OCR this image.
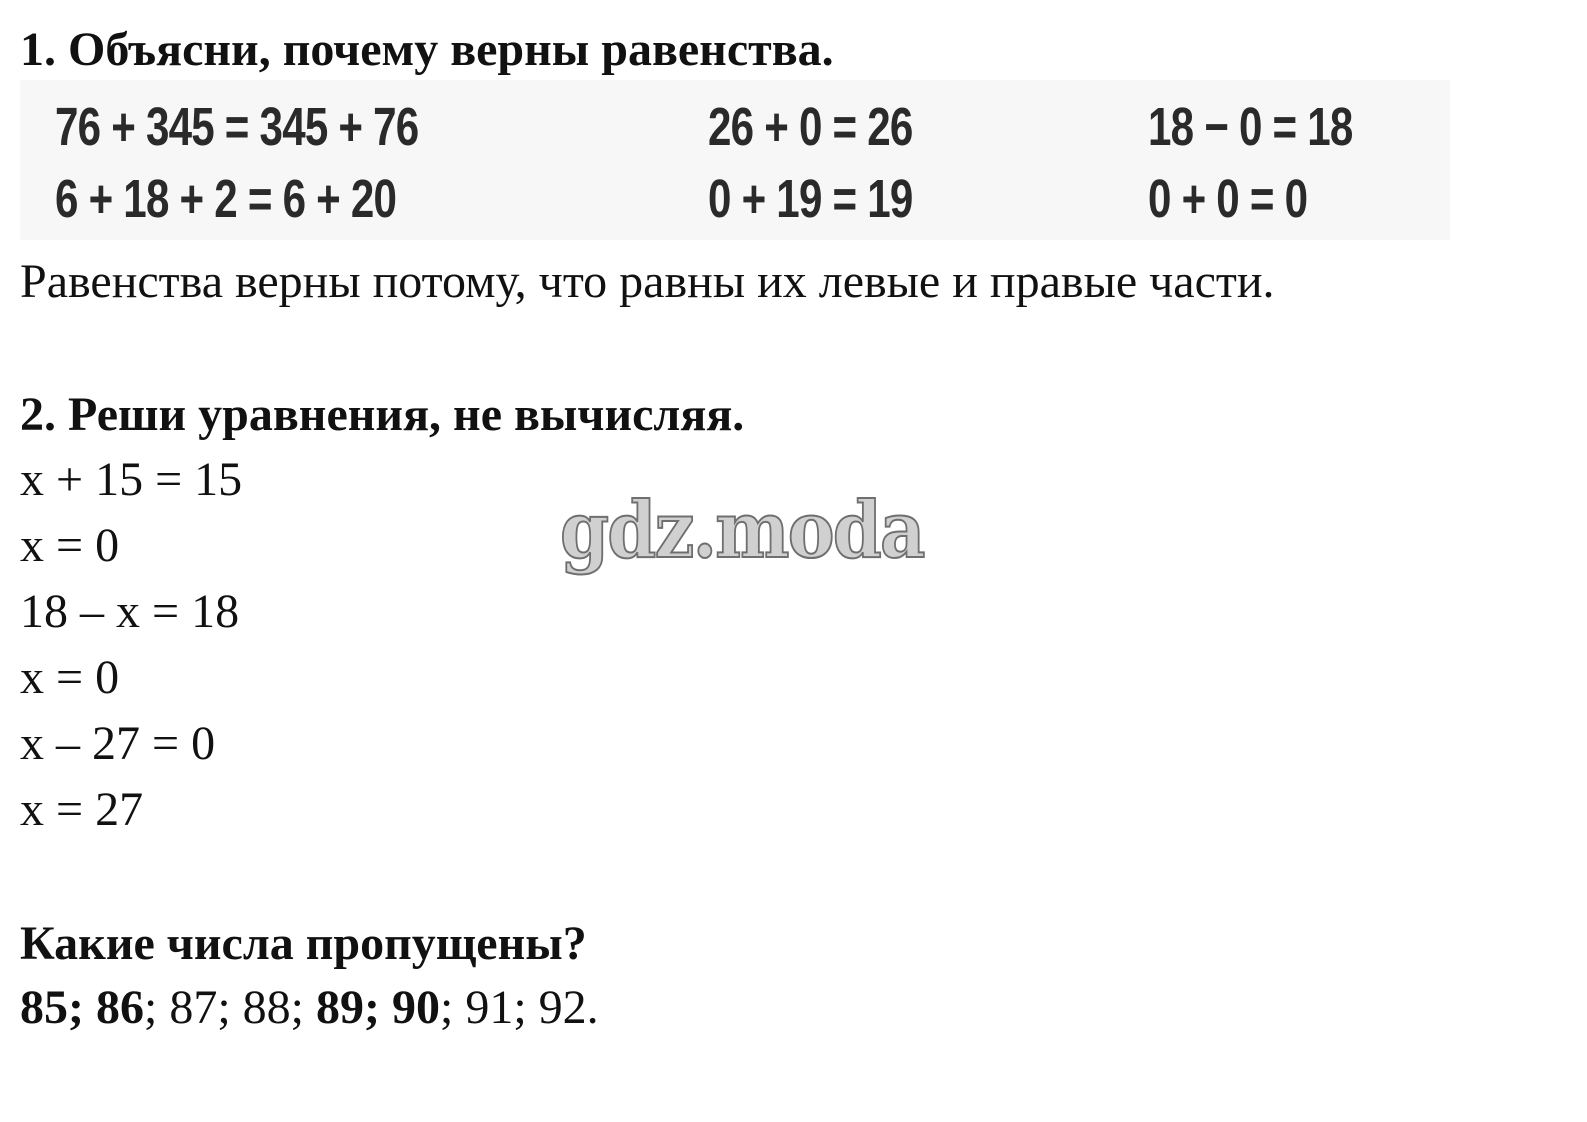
1. Объясни, почему верны равенства.
76 + 345 = 345 + 76	26 + 0 = 26	18 − 0 = 18
6 + 18 + 2 = 6 + 20	0 + 19 = 19	0 + 0 = 0

Равенства верны потому, что равны их левые и правые части.

2. Реши уравнения, не вычисляя.
x + 15 = 15
x = 0
18 – x = 18
x = 0
x – 27 = 0
x = 27
gdz.moda
Какие числа пропущены?
85; 86; 87; 88; 89; 90; 91; 92.
